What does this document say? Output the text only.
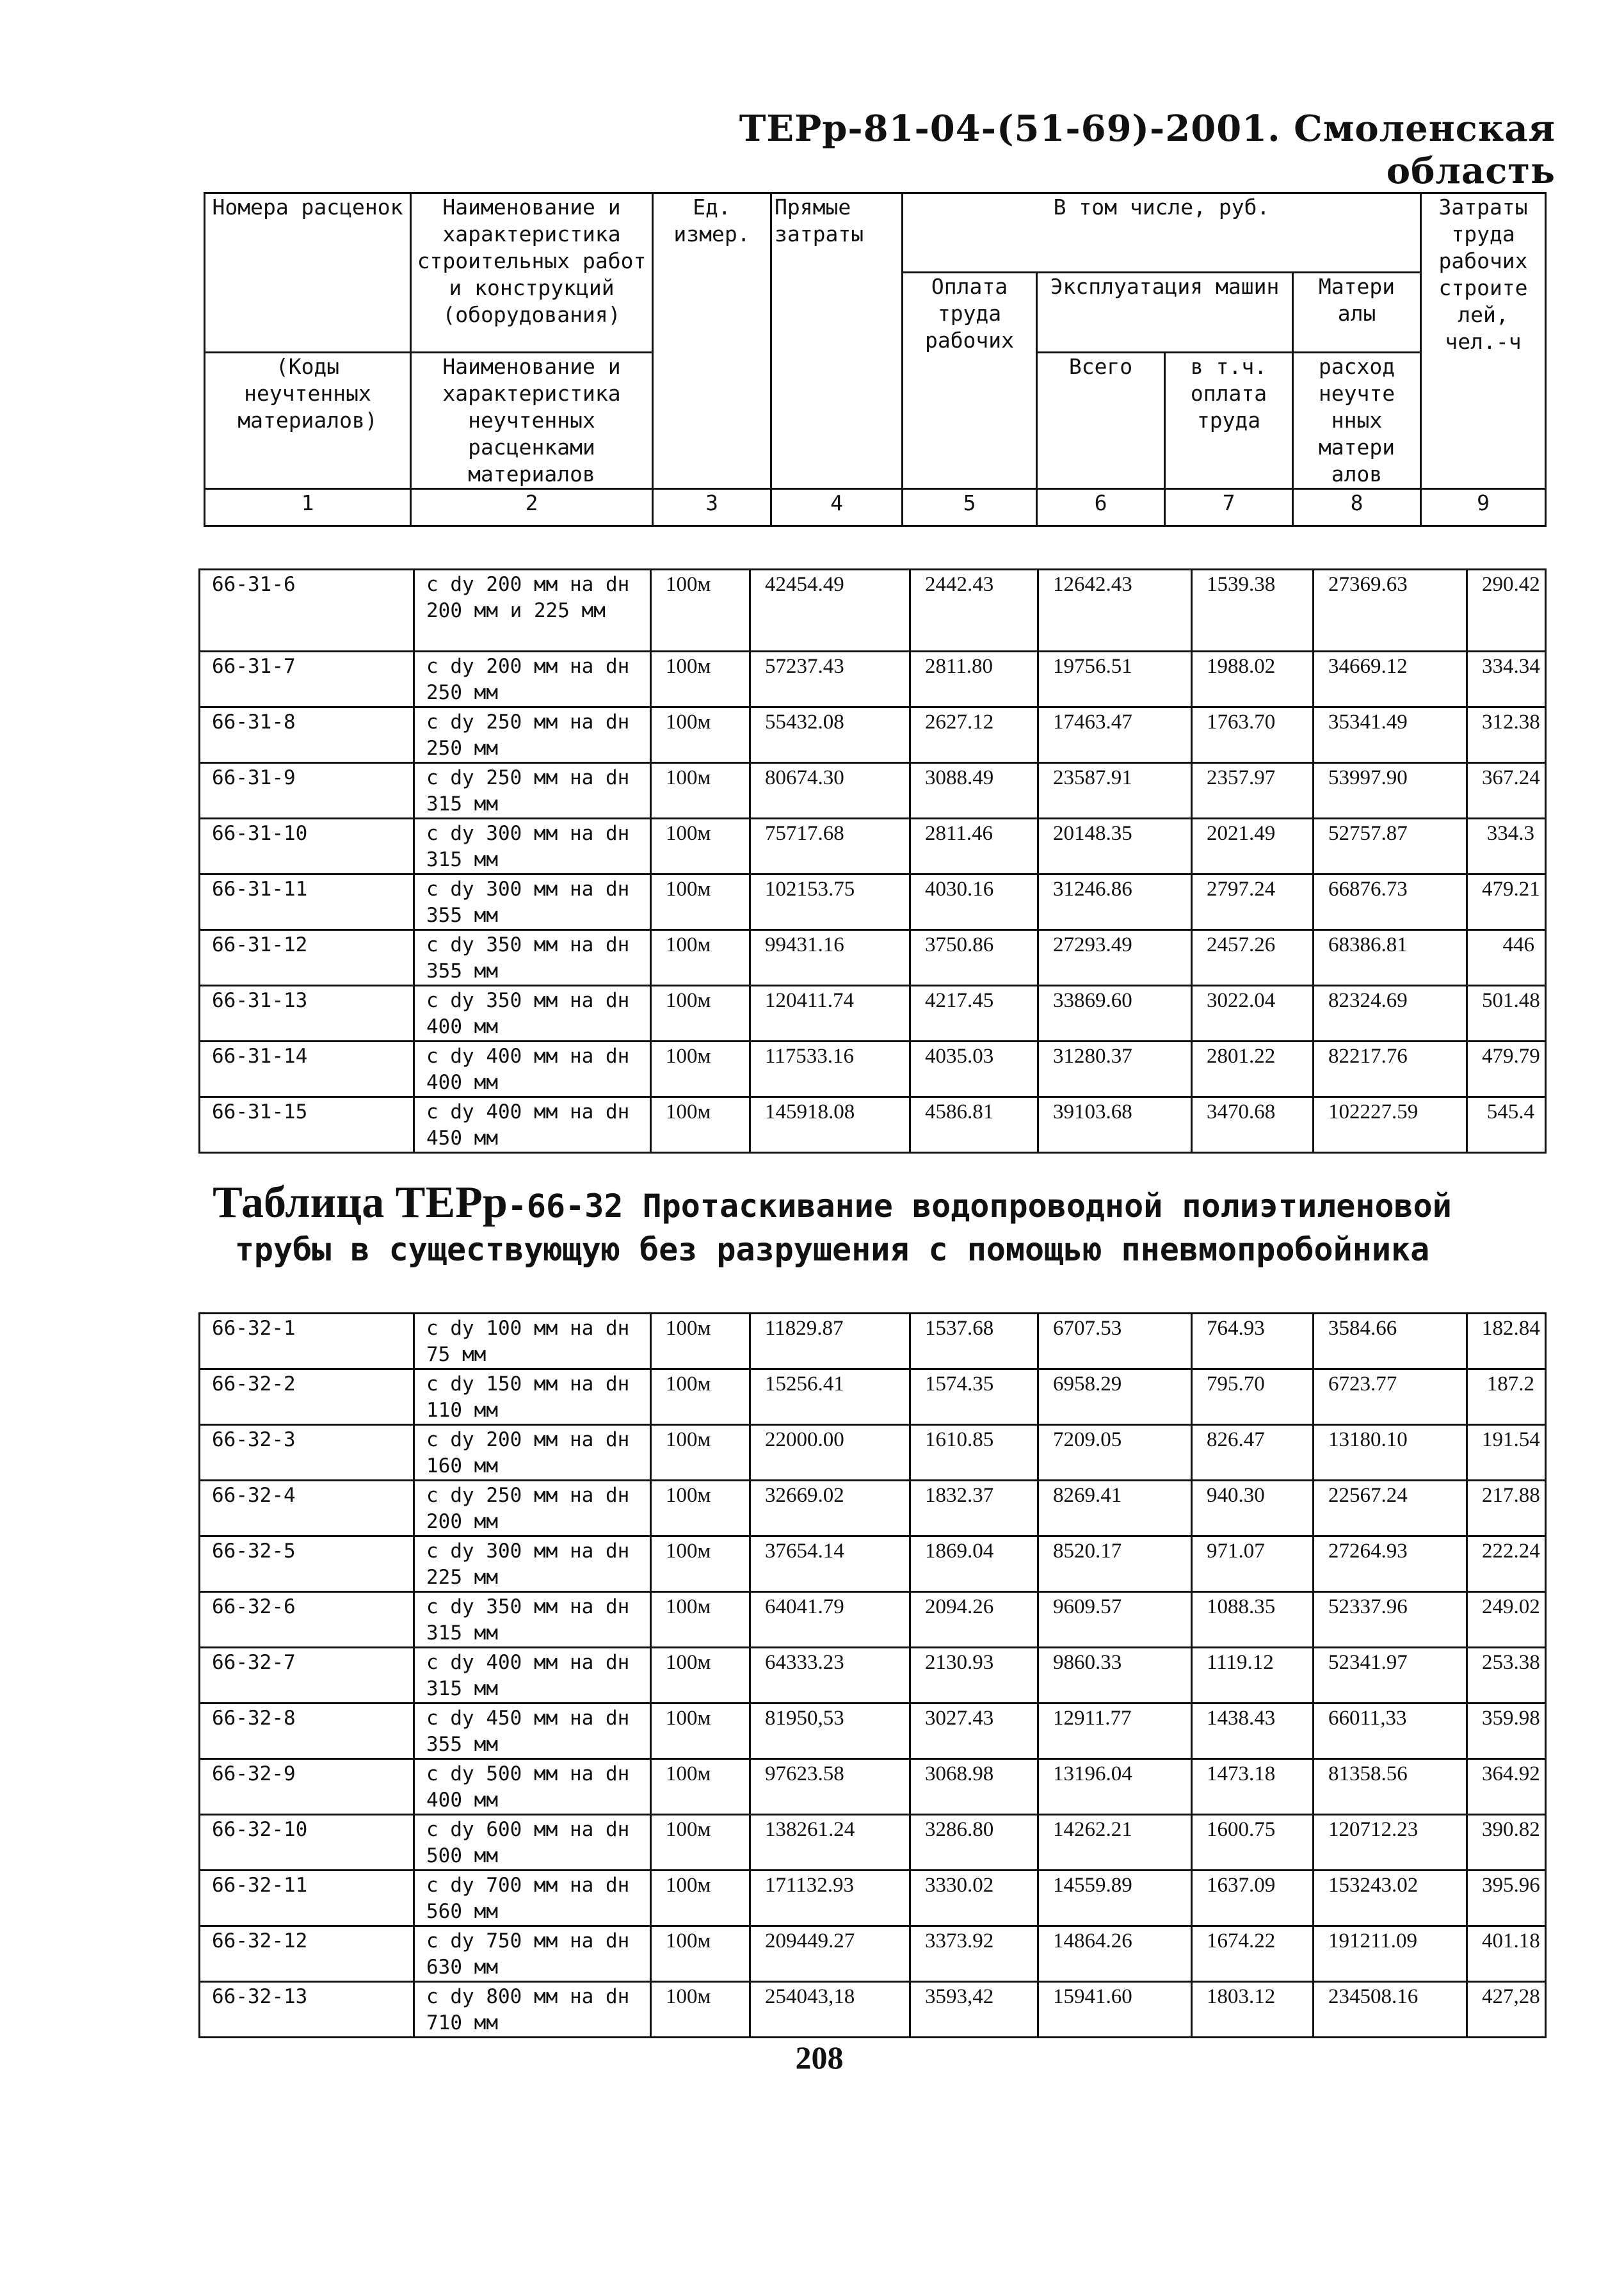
ТЕРр-81-04-(51-69)-2001. Смоленская область
Номера расценок	Наименование и характеристика строительных работ и конструкций (оборудования)	Ед. измер.	Прямые затраты	В том числе, руб.				Затраты труда рабочих строите лей, чел.-ч
				Оплата труда рабочих	Эксплуатация машин		Матери алы	
(Коды неучтенных материалов)	Наименование и характеристика неучтенных расценками материалов				Всего	в т.ч. оплата труда	расход неучте нных матери алов	
1	2	3	4	5	6	7	8	9
66-31-6	с dy 200 мм на dн 200 мм и 225 мм	100м	42454.49	2442.43	12642.43	1539.38	27369.63	290.42
66-31-7	с dy 200 мм на dн 250 мм	100м	57237.43	2811.80	19756.51	1988.02	34669.12	334.34
66-31-8	с dy 250 мм на dн 250 мм	100м	55432.08	2627.12	17463.47	1763.70	35341.49	312.38
66-31-9	с dy 250 мм на dн 315 мм	100м	80674.30	3088.49	23587.91	2357.97	53997.90	367.24
66-31-10	с dy 300 мм на dн 315 мм	100м	75717.68	2811.46	20148.35	2021.49	52757.87	334.3
66-31-11	с dy 300 мм на dн 355 мм	100м	102153.75	4030.16	31246.86	2797.24	66876.73	479.21
66-31-12	с dy 350 мм на dн 355 мм	100м	99431.16	3750.86	27293.49	2457.26	68386.81	446
66-31-13	с dy 350 мм на dн 400 мм	100м	120411.74	4217.45	33869.60	3022.04	82324.69	501.48
66-31-14	с dy 400 мм на dн 400 мм	100м	117533.16	4035.03	31280.37	2801.22	82217.76	479.79
66-31-15	с dy 400 мм на dн 450 мм	100м	145918.08	4586.81	39103.68	3470.68	102227.59	545.4
Таблица ТЕРр-66-32 Протаскивание водопроводной полиэтиленовой трубы в существующую без разрушения с помощью пневмопробойника
66-32-1	с dy 100 мм на dн 75 мм	100м	11829.87	1537.68	6707.53	764.93	3584.66	182.84
66-32-2	с dy 150 мм на dн 110 мм	100м	15256.41	1574.35	6958.29	795.70	6723.77	187.2
66-32-3	с dy 200 мм на dн 160 мм	100м	22000.00	1610.85	7209.05	826.47	13180.10	191.54
66-32-4	с dy 250 мм на dн 200 мм	100м	32669.02	1832.37	8269.41	940.30	22567.24	217.88
66-32-5	с dy 300 мм на dн 225 мм	100м	37654.14	1869.04	8520.17	971.07	27264.93	222.24
66-32-6	с dy 350 мм на dн 315 мм	100м	64041.79	2094.26	9609.57	1088.35	52337.96	249.02
66-32-7	с dy 400 мм на dн 315 мм	100м	64333.23	2130.93	9860.33	1119.12	52341.97	253.38
66-32-8	с dy 450 мм на dн 355 мм	100м	81950,53	3027.43	12911.77	1438.43	66011,33	359.98
66-32-9	с dy 500 мм на dн 400 мм	100м	97623.58	3068.98	13196.04	1473.18	81358.56	364.92
66-32-10	с dy 600 мм на dн 500 мм	100м	138261.24	3286.80	14262.21	1600.75	120712.23	390.82
66-32-11	с dy 700 мм на dн 560 мм	100м	171132.93	3330.02	14559.89	1637.09	153243.02	395.96
66-32-12	с dy 750 мм на dн 630 мм	100м	209449.27	3373.92	14864.26	1674.22	191211.09	401.18
66-32-13	с dy 800 мм на dн 710 мм	100м	254043,18	3593,42	15941.60	1803.12	234508.16	427,28
208
